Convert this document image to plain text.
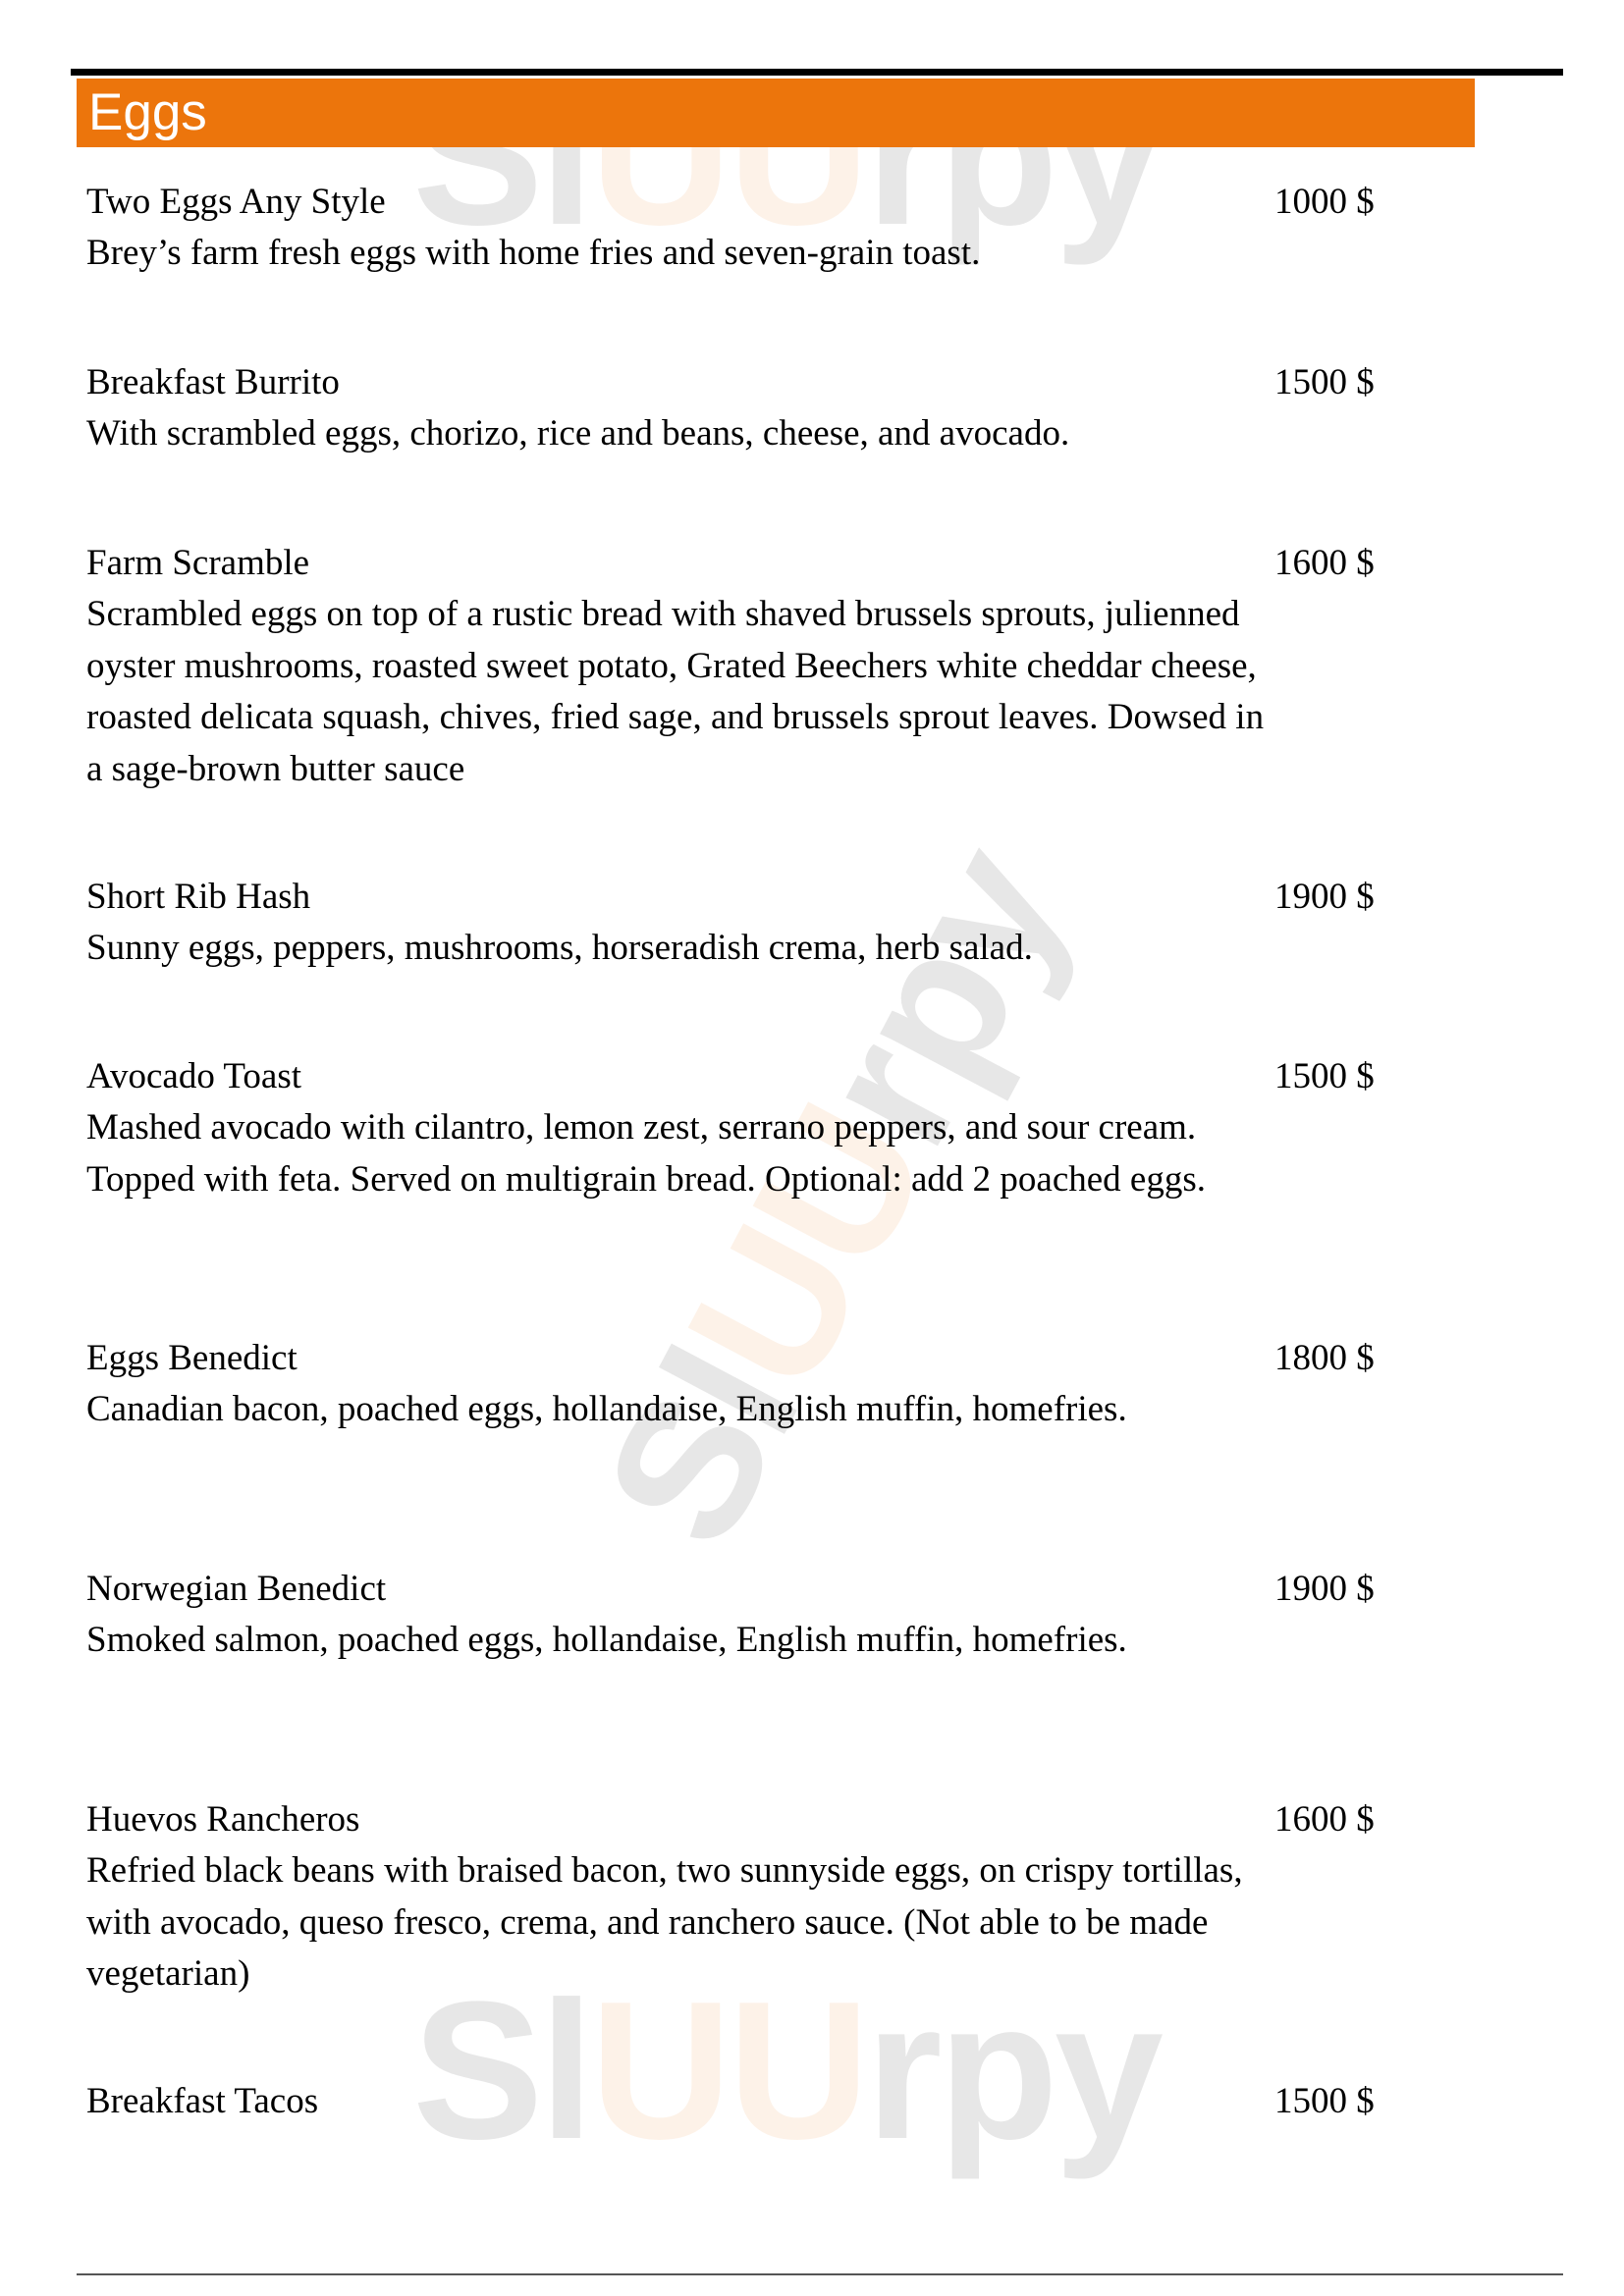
SlUUrpy
SlUUrpy
SlUUrpy
Eggs
Two Eggs Any Style
Brey’s farm fresh eggs with home fries and seven-grain toast.
1000 $
Breakfast Burrito
With scrambled eggs, chorizo, rice and beans, cheese, and avocado.
1500 $
Farm Scramble
Scrambled eggs on top of a rustic bread with shaved brussels sprouts, julienned oyster mushrooms, roasted sweet potato, Grated Beechers white cheddar cheese, roasted delicata squash, chives, fried sage, and brussels sprout leaves. Dowsed in a sage-brown butter sauce
1600 $
Short Rib Hash
Sunny eggs, peppers, mushrooms, horseradish crema, herb salad.
1900 $
Avocado Toast
Mashed avocado with cilantro, lemon zest, serrano peppers, and sour cream. Topped with feta. Served on multigrain bread. Optional: add 2 poached eggs.
1500 $
Eggs Benedict
Canadian bacon, poached eggs, hollandaise, English muffin, homefries.
1800 $
Norwegian Benedict
Smoked salmon, poached eggs, hollandaise, English muffin, homefries.
1900 $
Huevos Rancheros
Refried black beans with braised bacon, two sunnyside eggs, on crispy tortillas, with avocado, queso fresco, crema, and ranchero sauce. (Not able to be made vegetarian)
1600 $
Breakfast Tacos	1500 $
